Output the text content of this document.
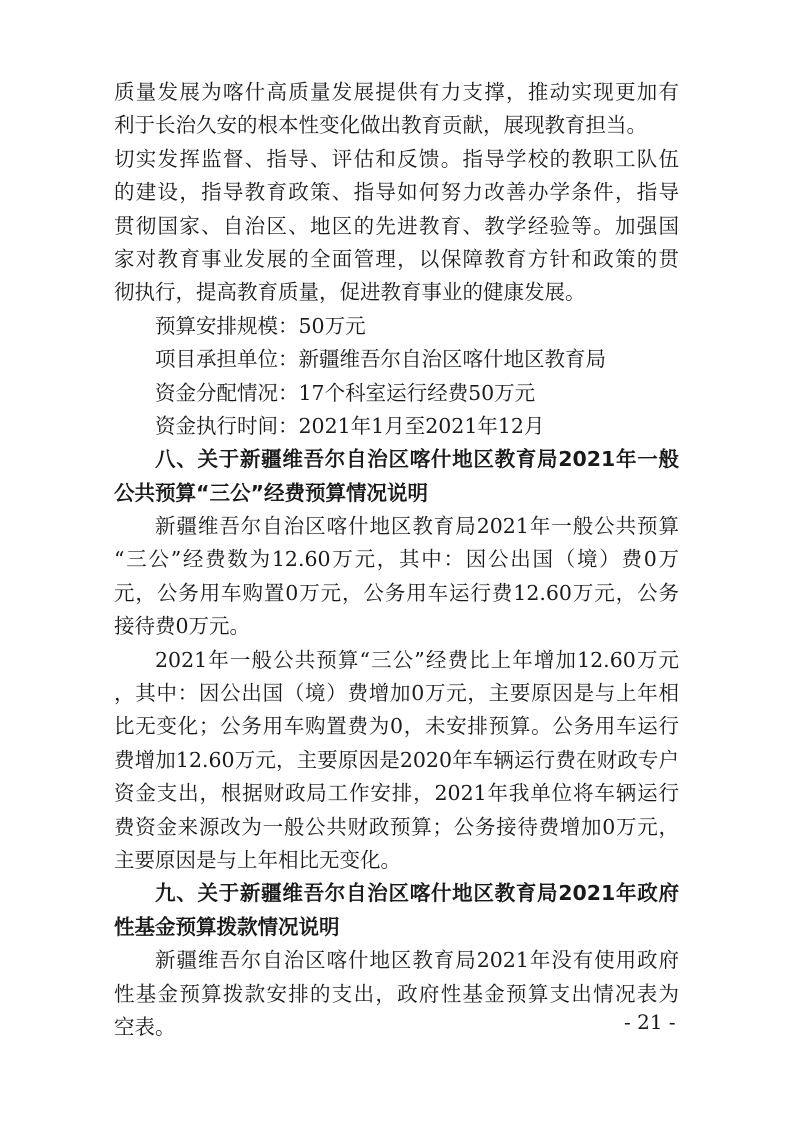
质量发展为喀什高质量发展提供有力支撑，推动实现更加有
利于长治久安的根本性变化做出教育贡献，展现教育担当。
切实发挥监督、指导、评估和反馈。指导学校的教职工队伍
的建设，指导教育政策、指导如何努力改善办学条件，指导
贯彻国家、自治区、地区的先进教育、教学经验等。加强国
家对教育事业发展的全面管理，以保障教育方针和政策的贯
彻执行，提高教育质量，促进教育事业的健康发展。
预算安排规模：50万元
项目承担单位：新疆维吾尔自治区喀什地区教育局
资金分配情况：17个科室运行经费50万元
资金执行时间：2021年1月至2021年12月
八、关于新疆维吾尔自治区喀什地区教育局2021年一般
公共预算“三公”经费预算情况说明
新疆维吾尔自治区喀什地区教育局2021年一般公共预算
“三公”经费数为12.60万元，其中：因公出国（境）费0万
元，公务用车购置0万元，公务用车运行费12.60万元，公务
接待费0万元。
2021年一般公共预算“三公”经费比上年增加12.60万元
，其中：因公出国（境）费增加0万元，主要原因是与上年相
比无变化；公务用车购置费为0，未安排预算。公务用车运行
费增加12.60万元，主要原因是2020年车辆运行费在财政专户
资金支出，根据财政局工作安排，2021年我单位将车辆运行
费资金来源改为一般公共财政预算；公务接待费增加0万元，
主要原因是与上年相比无变化。
九、关于新疆维吾尔自治区喀什地区教育局2021年政府
性基金预算拨款情况说明
新疆维吾尔自治区喀什地区教育局2021年没有使用政府
性基金预算拨款安排的支出，政府性基金预算支出情况表为
空表。	- 21 -
